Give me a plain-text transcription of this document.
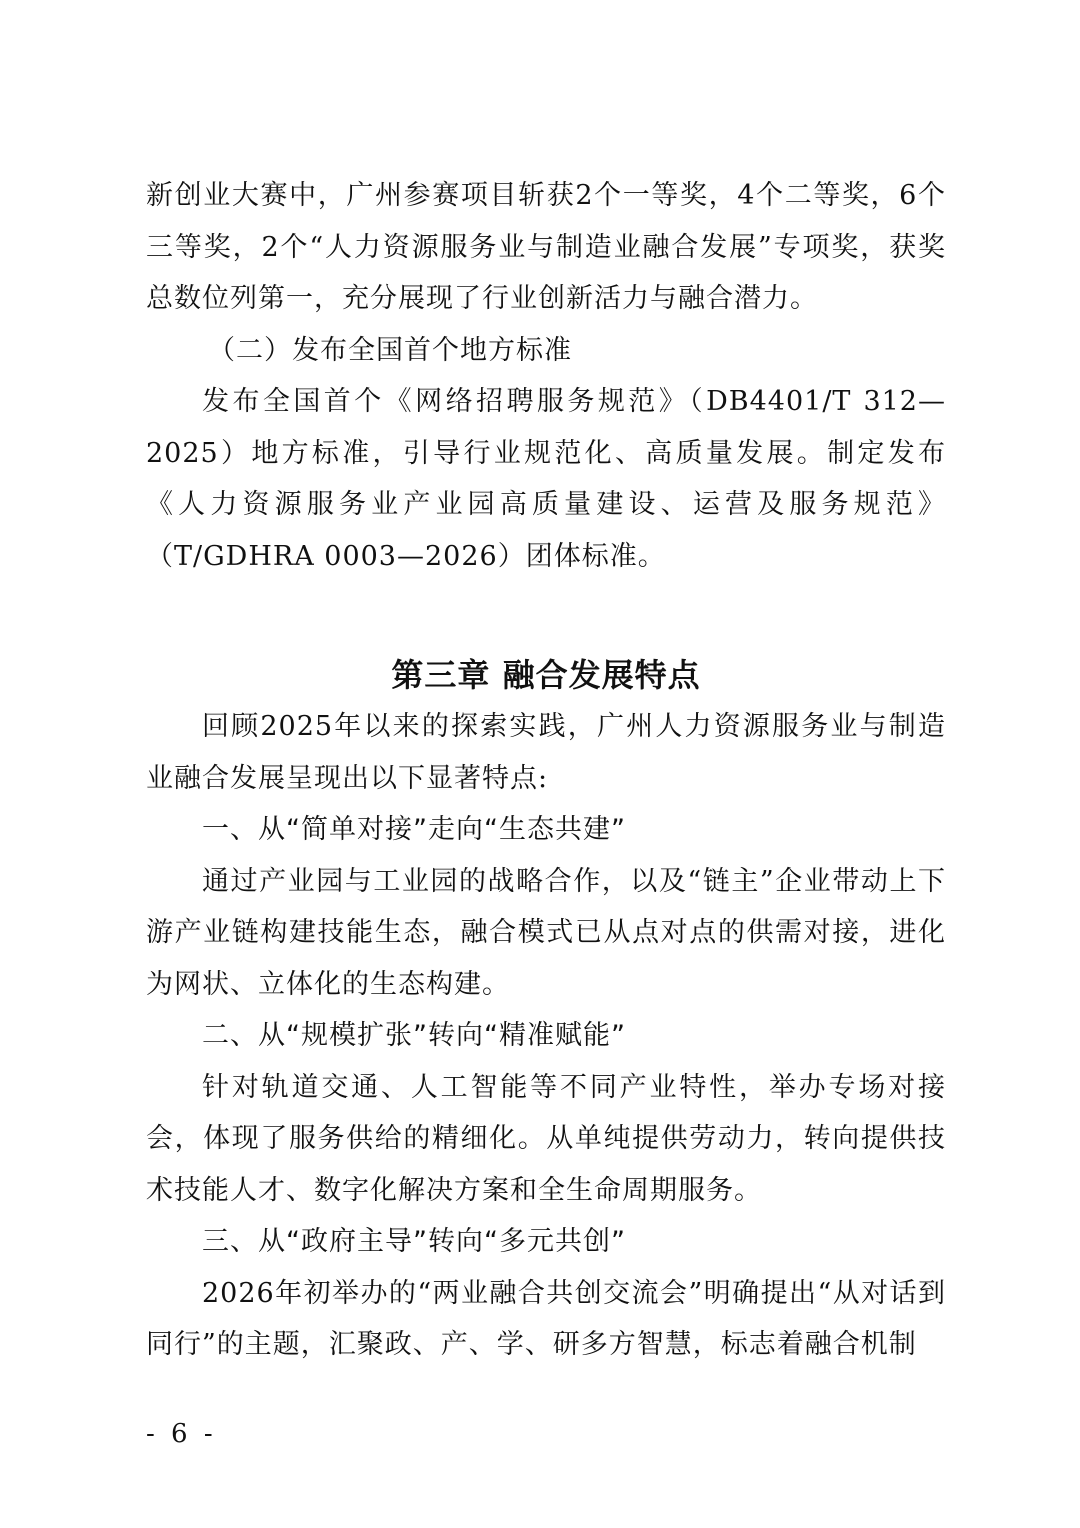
新创业大赛中，广州参赛项目斩获2个一等奖，4个二等奖，6个三等奖，2个“人力资源服务业与制造业融合发展”专项奖，获奖总数位列第一，充分展现了行业创新活力与融合潜力。

（二）发布全国首个地方标准

发布全国首个《网络招聘服务规范》（DB4401/T 312—2025）地方标准，引导行业规范化、高质量发展。制定发布《人力资源服务业产业园高质量建设、运营及服务规范》（T/GDHRA 0003—2026）团体标准。

第三章 融合发展特点

回顾2025年以来的探索实践，广州人力资源服务业与制造业融合发展呈现出以下显著特点:

一、从“简单对接”走向“生态共建”

通过产业园与工业园的战略合作，以及“链主”企业带动上下游产业链构建技能生态，融合模式已从点对点的供需对接，进化为网状、立体化的生态构建。

二、从“规模扩张”转向“精准赋能”

针对轨道交通、人工智能等不同产业特性，举办专场对接会，体现了服务供给的精细化。从单纯提供劳动力，转向提供技术技能人才、数字化解决方案和全生命周期服务。

三、从“政府主导”转向“多元共创”

2026年初举办的“两业融合共创交流会”明确提出“从对话到同行”的主题，汇聚政、产、学、研多方智慧，标志着融合机制

- 6 -
